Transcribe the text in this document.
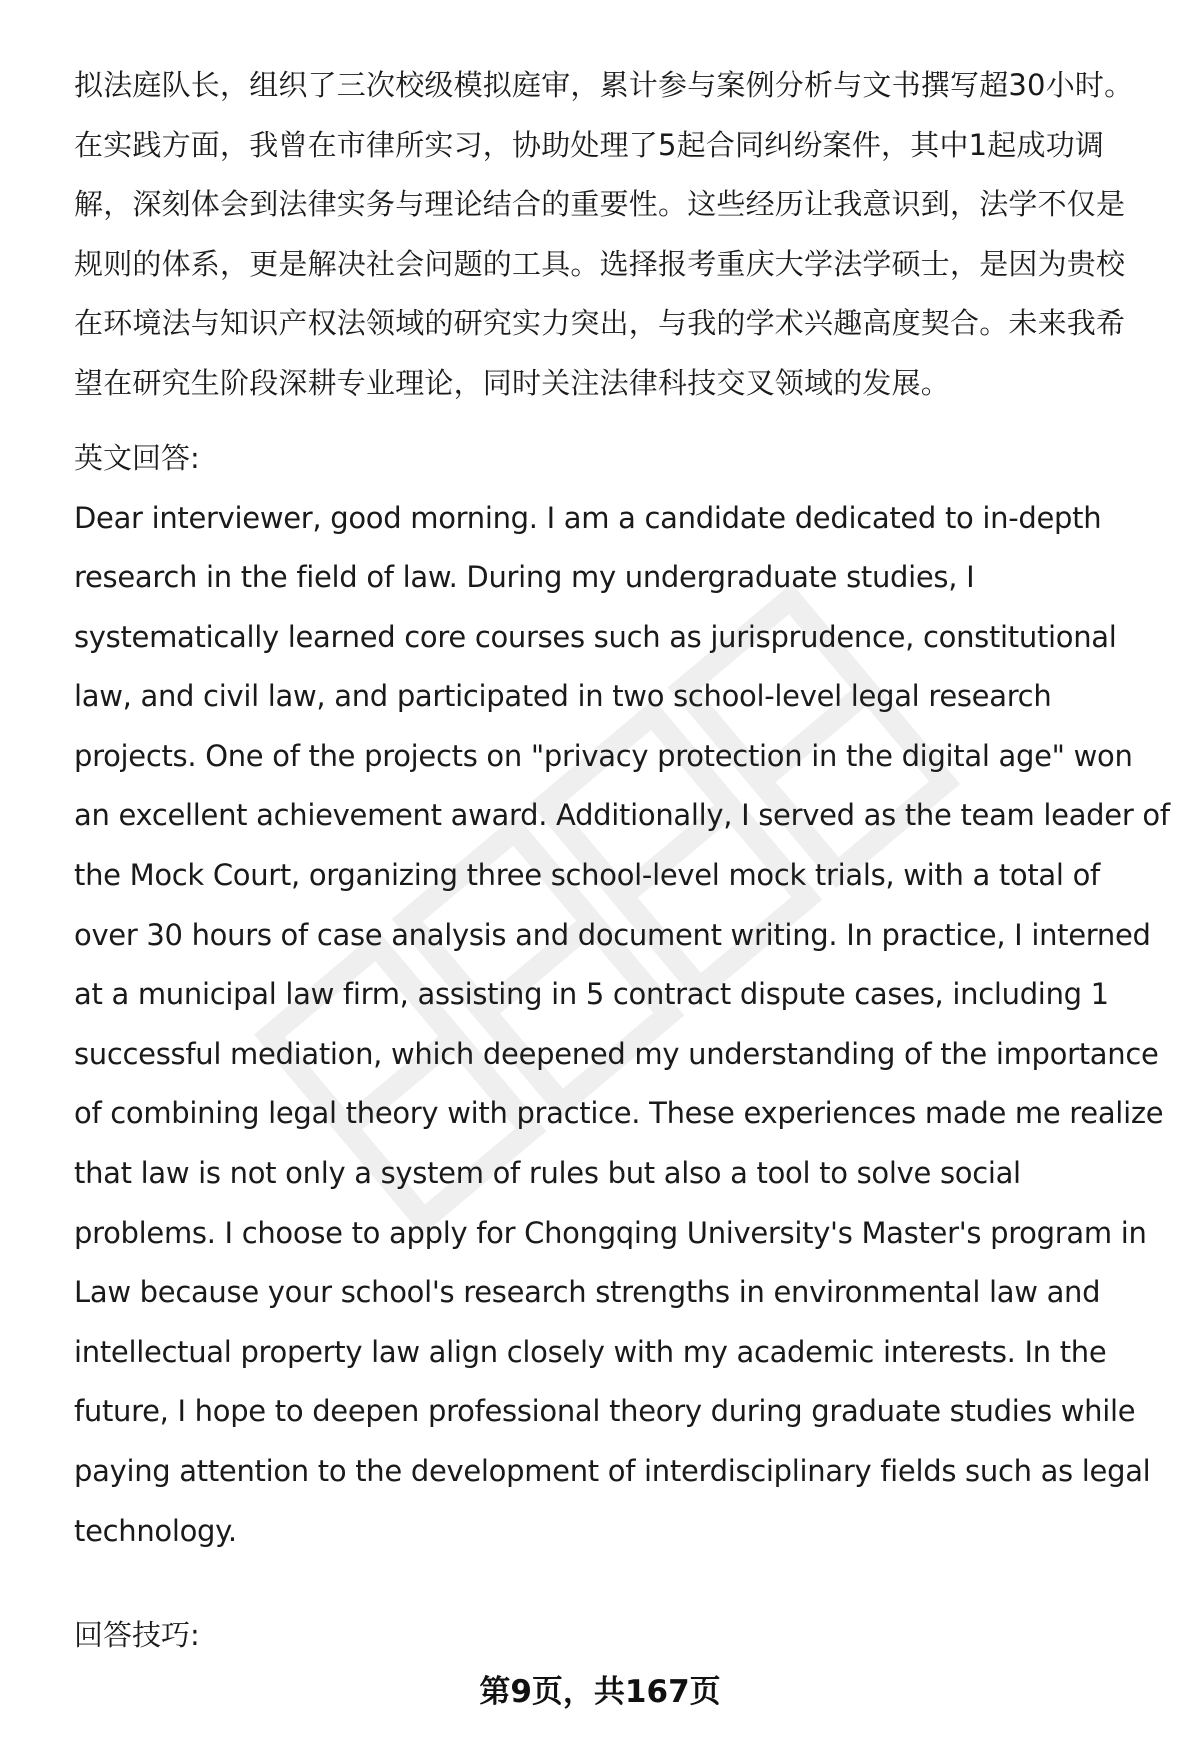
拟法庭队长，组织了三次校级模拟庭审，累计参与案例分析与文书撰写超30小时。
在实践方面，我曾在市律所实习，协助处理了5起合同纠纷案件，其中1起成功调
解，深刻体会到法律实务与理论结合的重要性。这些经历让我意识到，法学不仅是
规则的体系，更是解决社会问题的工具。选择报考重庆大学法学硕士，是因为贵校
在环境法与知识产权法领域的研究实力突出，与我的学术兴趣高度契合。未来我希
望在研究生阶段深耕专业理论，同时关注法律科技交叉领域的发展。

英文回答:

Dear interviewer, good morning. I am a candidate dedicated to in-depth
research in the field of law. During my undergraduate studies, I
systematically learned core courses such as jurisprudence, constitutional
law, and civil law, and participated in two school-level legal research
projects. One of the projects on "privacy protection in the digital age" won
an excellent achievement award. Additionally, I served as the team leader of
the Mock Court, organizing three school-level mock trials, with a total of
over 30 hours of case analysis and document writing. In practice, I interned
at a municipal law firm, assisting in 5 contract dispute cases, including 1
successful mediation, which deepened my understanding of the importance
of combining legal theory with practice. These experiences made me realize
that law is not only a system of rules but also a tool to solve social
problems. I choose to apply for Chongqing University's Master's program in
Law because your school's research strengths in environmental law and
intellectual property law align closely with my academic interests. In the
future, I hope to deepen professional theory during graduate studies while
paying attention to the development of interdisciplinary fields such as legal
technology.

回答技巧:

第9页，共167页
